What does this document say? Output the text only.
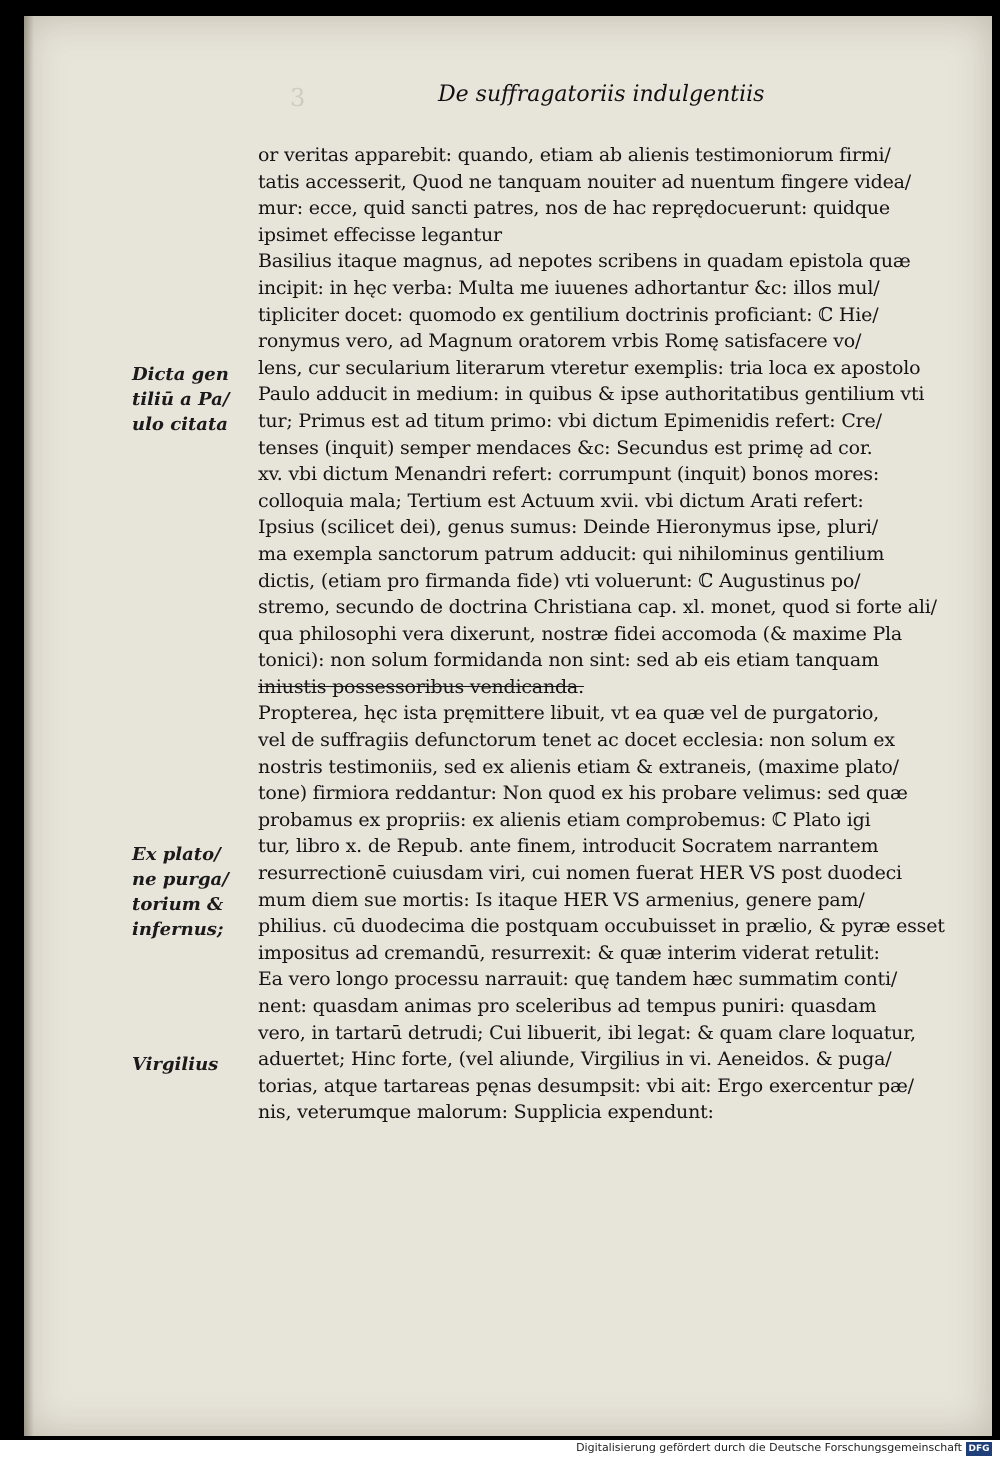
3	De suffragatoriis indulgentiis
or veritas apparebit: quando, etiam ab alienis testimoniorum firmi/
tatis accesserit, Quod ne tanquam nouiter ad nuentum fingere videa/
mur: ecce, quid sancti patres, nos de hac reprędocuerunt: quidque
ipsimet effecisse legantur
Basilius itaque magnus, ad nepotes scribens in quadam epistola quæ
incipit: in hęc verba: Multa me iuuenes adhortantur &c: illos mul/
tipliciter docet: quomodo ex gentilium doctrinis proficiant: ℂ Hie/
ronymus vero, ad Magnum oratorem vrbis Romę satisfacere vo/
lens, cur secularium literarum vteretur exemplis: tria loca ex apostolo
Paulo adducit in medium: in quibus & ipse authoritatibus gentilium vti
tur; Primus est ad titum primo: vbi dictum Epimenidis refert: Cre/
tenses (inquit) semper mendaces &c: Secundus est primę ad cor.
xv. vbi dictum Menandri refert: corrumpunt (inquit) bonos mores:
colloquia mala; Tertium est Actuum xvii. vbi dictum Arati refert:
Ipsius (scilicet dei), genus sumus: Deinde Hieronymus ipse, pluri/
ma exempla sanctorum patrum adducit: qui nihilominus gentilium
dictis, (etiam pro firmanda fide) vti voluerunt: ℂ Augustinus po/
stremo, secundo de doctrina Christiana cap. xl. monet, quod si forte ali/
qua philosophi vera dixerunt, nostræ fidei accomoda (& maxime Pla
tonici): non solum formidanda non sint: sed ab eis etiam tanquam
iniustis possessoribus vendicanda.
Propterea, hęc ista pręmittere libuit, vt ea quæ vel de purgatorio,
vel de suffragiis defunctorum tenet ac docet ecclesia: non solum ex
nostris testimoniis, sed ex alienis etiam & extraneis, (maxime plato/
tone) firmiora reddantur: Non quod ex his probare velimus: sed quæ
probamus ex propriis: ex alienis etiam comprobemus: ℂ Plato igi
tur, libro x. de Repub. ante finem, introducit Socratem narrantem
resurrectionē cuiusdam viri, cui nomen fuerat HER VS post duodeci
mum diem sue mortis: Is itaque HER VS armenius, genere pam/
philius. cū duodecima die postquam occubuisset in prælio, & pyræ esset
impositus ad cremandū, resurrexit: & quæ interim viderat retulit:
Ea vero longo processu narrauit: quę tandem hæc summatim conti/
nent: quasdam animas pro sceleribus ad tempus puniri: quasdam
vero, in tartarū detrudi; Cui libuerit, ibi legat: & quam clare loquatur,
aduertet; Hinc forte, (vel aliunde, Virgilius in vi. Aeneidos. & puga/
torias, atque tartareas pęnas desumpsit: vbi ait: Ergo exercentur pæ/
nis, veterumque malorum: Supplicia expendunt:
Dicta gen
tiliū a Pa/
ulo citata
Ex plato/
ne purga/
torium &
infernus;
Virgilius
Digitalisierung gefördert durch die Deutsche Forschungsgemeinschaft DFG
